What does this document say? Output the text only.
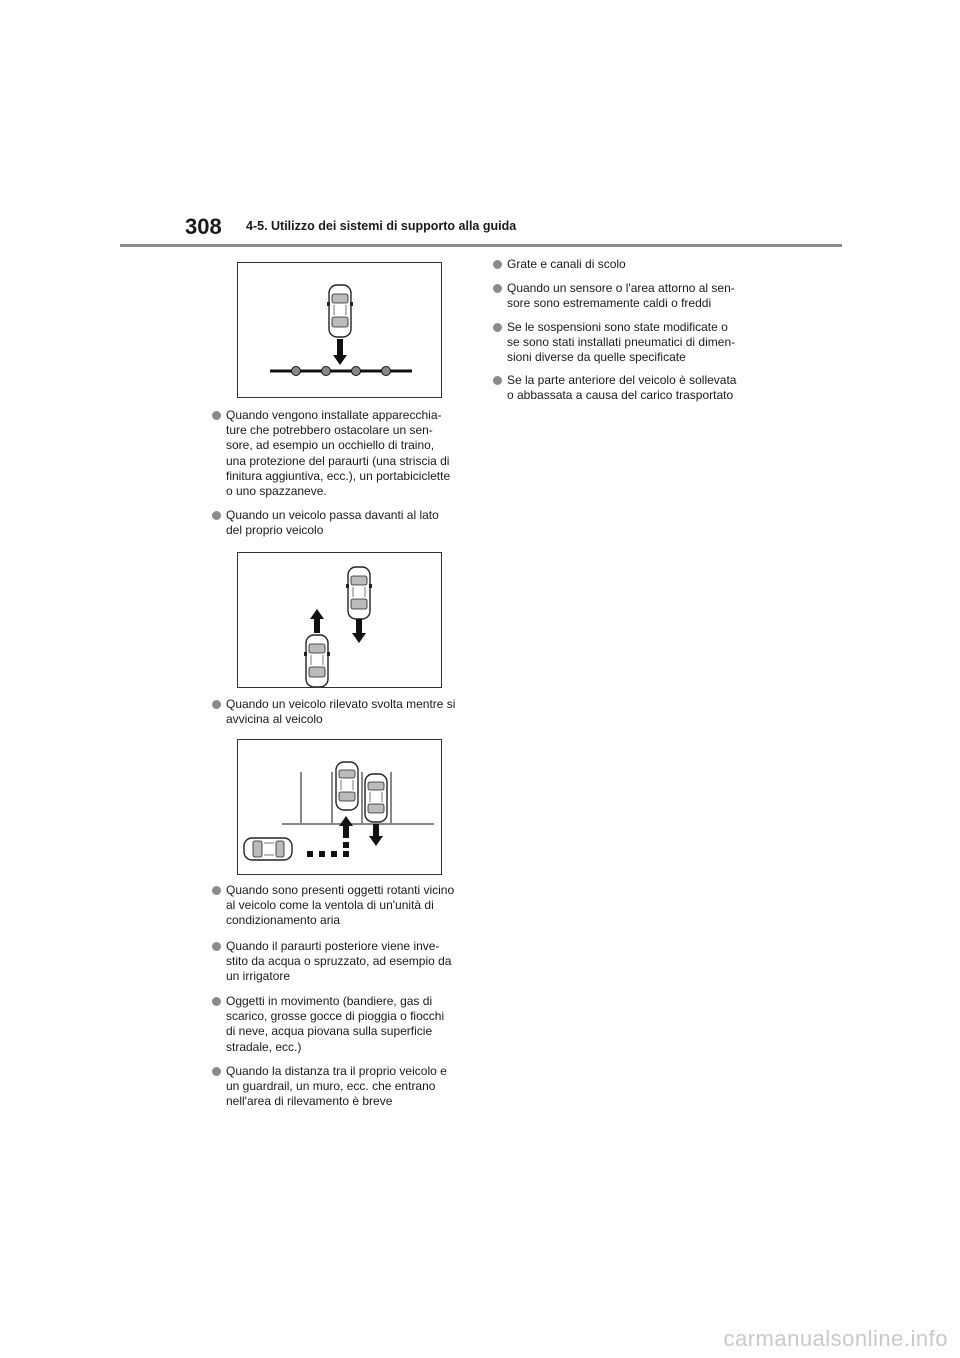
308 4-5. Utilizzo dei sistemi di supporto alla guida
Quando vengono installate apparecchia-
ture che potrebbero ostacolare un sen-
sore, ad esempio un occhiello di traino,
una protezione del paraurti (una striscia di
finitura aggiuntiva, ecc.), un portabiciclette
o uno spazzaneve.
Quando un veicolo passa davanti al lato
del proprio veicolo
Quando un veicolo rilevato svolta mentre si
avvicina al veicolo
Quando sono presenti oggetti rotanti vicino
al veicolo come la ventola di un'unità di
condizionamento aria
Quando il paraurti posteriore viene inve-
stito da acqua o spruzzato, ad esempio da
un irrigatore
Oggetti in movimento (bandiere, gas di
scarico, grosse gocce di pioggia o fiocchi
di neve, acqua piovana sulla superficie
stradale, ecc.)
Quando la distanza tra il proprio veicolo e
un guardrail, un muro, ecc. che entrano
nell'area di rilevamento è breve
Grate e canali di scolo
Quando un sensore o l'area attorno al sen-
sore sono estremamente caldi o freddi
Se le sospensioni sono state modificate o
se sono stati installati pneumatici di dimen-
sioni diverse da quelle specificate
Se la parte anteriore del veicolo è sollevata
o abbassata a causa del carico trasportato
carmanualsonline.info
